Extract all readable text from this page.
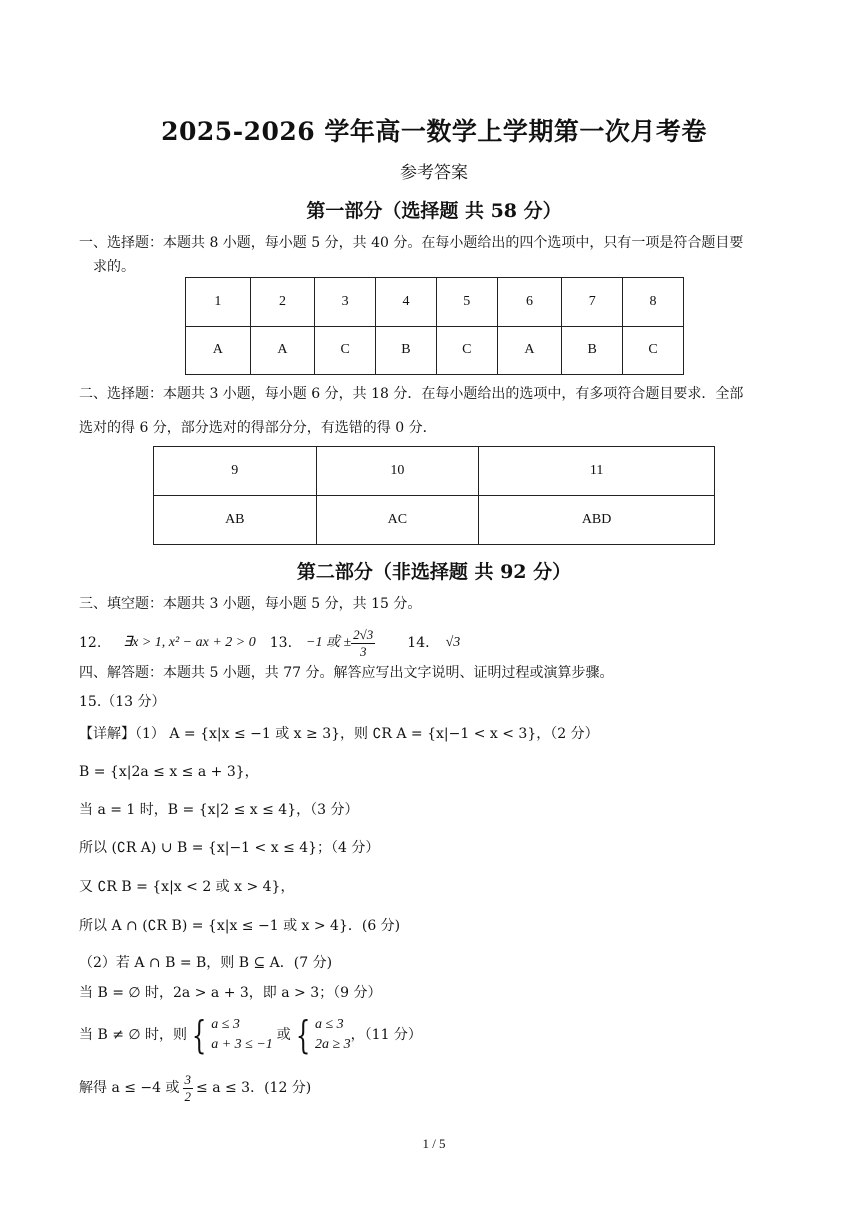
2025-2026 学年高一数学上学期第一次月考卷
参考答案
第一部分（选择题 共 58 分）
一、选择题：本题共 8 小题，每小题 5 分，共 40 分。在每小题给出的四个选项中，只有一项是符合题目要
求的。
1	2	3	4	5	6	7	8
A	A	C	B	C	A	B	C
二、选择题：本题共 3 小题，每小题 6 分，共 18 分．在每小题给出的选项中，有多项符合题目要求．全部
选对的得 6 分，部分选对的得部分分，有选错的得 0 分．
9	10	11
AB	AC	ABD
第二部分（非选择题 共 92 分）
三、填空题：本题共 3 小题，每小题 5 分，共 15 分。
12. ∃x > 1, x² − ax + 2 > 0 13. −1 或 ± $\frac{2√3}{3} 14$. √3
四、解答题：本题共 5 小题，共 77 分。解答应写出文字说明、证明过程或演算步骤。
15.（13 分）
【详解】（1） A = {x|x ≤ −1 或 x ≥ 3}，则 ∁R A = {x|−1 < x < 3}，（2 分）
B = {x|2a ≤ x ≤ a + 3}，
当 a = 1 时，B = {x|2 ≤ x ≤ 4}，（3 分）
所以 (∁R A) ∪ B = {x|−1 < x ≤ 4}；（4 分）
又 ∁R B = {x|x < 2 或 x > 4}，
所以 A ∩ (∁R B) = {x|x ≤ −1 或 x > 4}．(6 分)
（2）若 A ∩ B = B，则 B ⊆ A．(7 分)
当 B = ∅ 时，2a > a + 3，即 a > 3；（9 分）
当 B ≠ ∅ 时，则 { a ≤ 3
a + 3 ≤ −1
或 { a ≤ 3
2a ≥ 3
，（11 分）
解得 a ≤ −4 或 $\frac{3}{2} \le a \le 3$．(12 分)
1 / 5
